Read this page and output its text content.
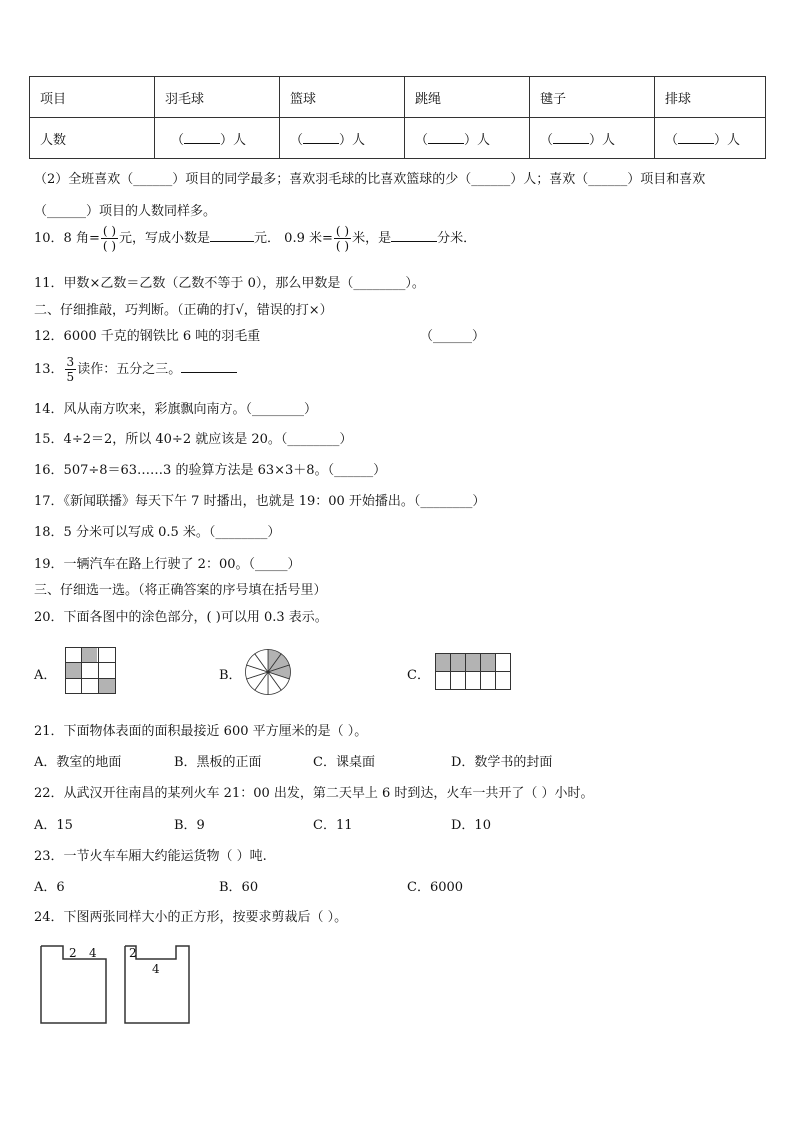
项目	羽毛球	篮球	跳绳	毽子	排球
人数	（ ）人	（ ）人	（ ）人	（ ）人	（ ）人
（2）全班喜欢（______）项目的同学最多；喜欢羽毛球的比喜欢篮球的少（______）人；喜欢（______）项目和喜欢
（______）项目的人数同样多。
10．8 角= $\frac{( )}{( )}$ 元，写成小数是	元． 0.9 米= $\frac{( )}{( )}$ 米，是	分米．
11．甲数×乙数＝乙数（乙数不等于 0），那么甲数是（________）。
二、仔细推敲，巧判断。（正确的打√，错误的打×）
12．6000 千克的钢铁比 6 吨的羽毛重	（______）
13． $\frac{3}{5}$ 读作：五分之三。
14．风从南方吹来，彩旗飘向南方。（________）
15．4÷2＝2，所以 40÷2 就应该是 20。（________）
16．507÷8＝63……3 的验算方法是 63×3＋8。（______）
17．《新闻联播》每天下午 7 时播出，也就是 19：00 开始播出。（________）
18．5 分米可以写成 0.5 米。（________）
19．一辆汽车在路上行驶了 2：00。（_____）
三、仔细选一选。（将正确答案的序号填在括号里）
20．下面各图中的涂色部分，( )可以用 0.3 表示。
A．	B．	C．
21．下面物体表面的面积最接近 600 平方厘米的是（ ）。
A．教室的地面	B．黑板的正面	C．课桌面	D．数学书的封面
22．从武汉开往南昌的某列火车 21：00 出发，第二天早上 6 时到达，火车一共开了（ ）小时。
A．15	B．9	C．11	D．10
23．一节火车车厢大约能运货物（ ）吨.
A．6	B．60	C．6000
24．下图两张同样大小的正方形，按要求剪裁后（ ）。
2 4	2
4
